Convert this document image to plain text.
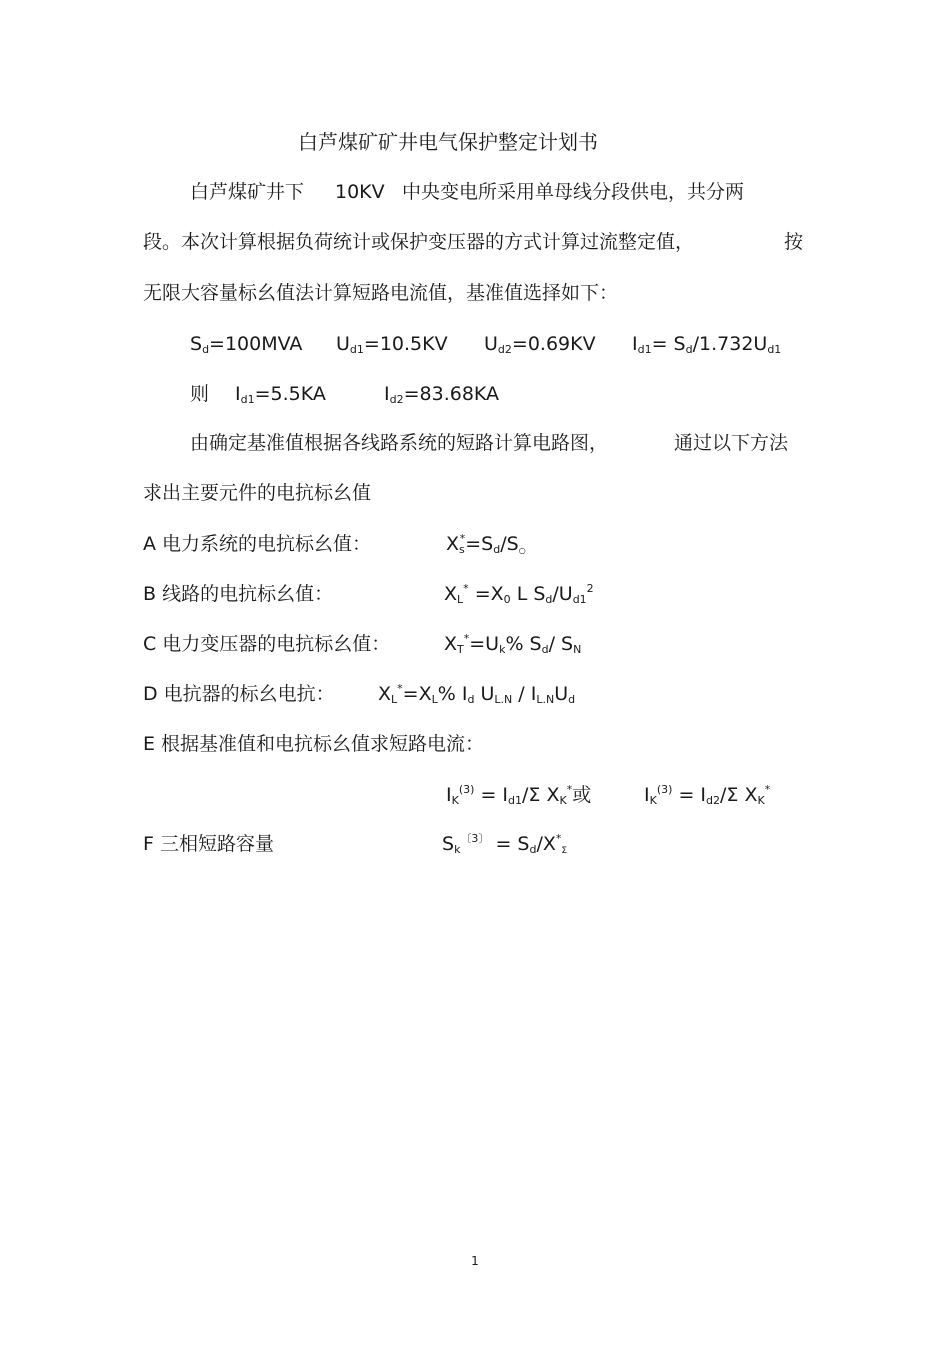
白芦煤矿矿井电气保护整定计划书
白芦煤矿井下 10KV 中央变电所采用单母线分段供电，共分两
段。本次计算根据负荷统计或保护变压器的方式计算过流整定值，	按
无限大容量标幺值法计算短路电流值，基准值选择如下：
$S_d=100MVA$ $U_{d1}=10.5KV$ $U_{d2}=0.69KV$ $I_{d1}= S_d/1.732U_{d1}$
则 $I_{d1}=5.5KA$	$I_{d2}=83.68KA$
由确定基准值根据各线路系统的短路计算电路图，	通过以下方法
求出主要元件的电抗标幺值
A 电力系统的电抗标幺值：	$X_s^*=S_d/S_○$
B 线路的电抗标幺值：	$X_L^* =X_0$ L $S_d/U_{d1}^2$
C 电力变压器的电抗标幺值：	$X_T^*=U_k\%$ $S_d/$ $S_N$
D 电抗器的标幺电抗： $X_L^*=X_L\%$ $I_d$ $U_{L.N} / I_{L.N}U_d$
E 根据基准值和电抗标幺值求短路电流：
$I_K^{(3)} = I_{d1}/\Sigma$ $X_K^*$或	$I_K^{(3)} = I_{d2}/\Sigma$ $X_K^*$
F 三相短路容量	$S_k^{〔3〕} = S_d/X^*_\Sigma$
1
